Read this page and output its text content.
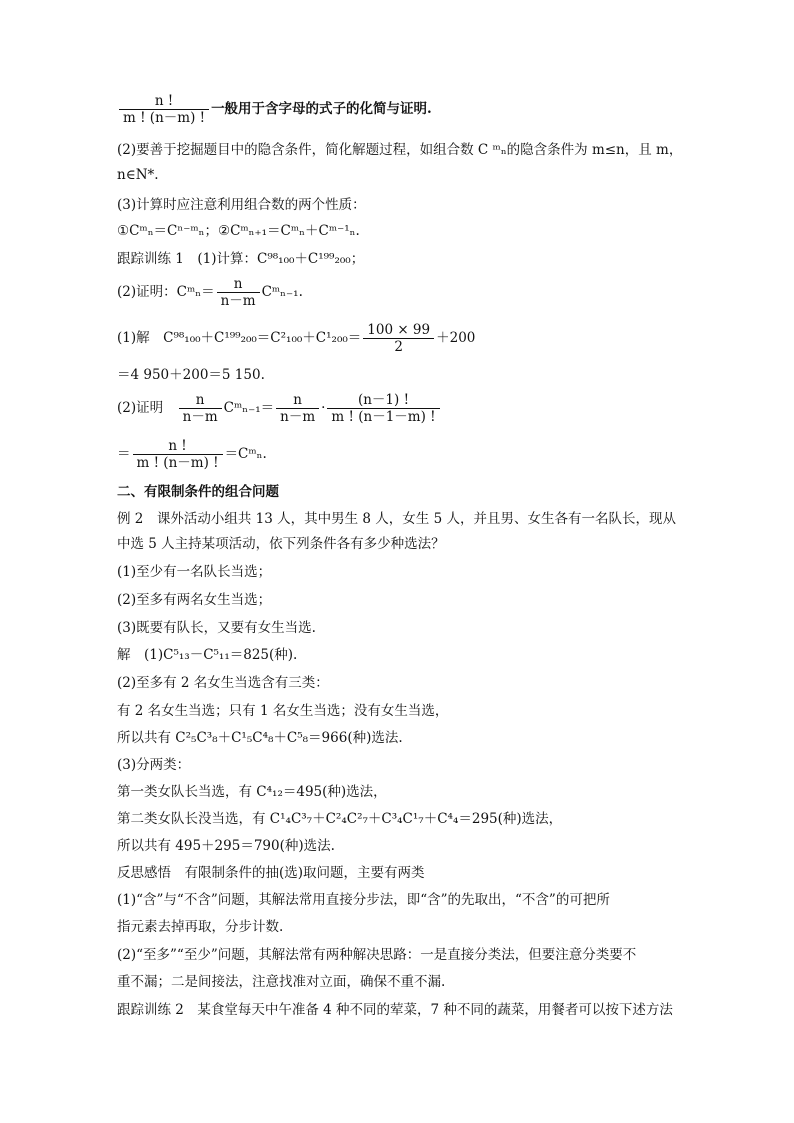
$\frac{n !}{m ! (n-m) !}$ 一般用于含字母的式子的化简与证明.
(2)要善于挖掘题目中的隐含条件，简化解题过程，如组合数 C ᵐₙ的隐含条件为 m≤n，且 m，
n∈N*.
(3)计算时应注意利用组合数的两个性质：
①Cᵐₙ＝Cⁿ⁻ᵐₙ；②Cᵐₙ₊₁＝Cᵐₙ＋Cᵐ⁻¹ₙ.
跟踪训练 1　(1)计算：C⁹⁸₁₀₀＋C¹⁹⁹₂₀₀；
(2)证明：Cᵐₙ＝ $\frac{n}{n-m}$ Cᵐₙ₋₁.
(1)解　$C^{98}_{100}+C^{199}_{200}=C^2_{100}+C^1_{200}= \frac{100 \times 99}{2} +200$
＝4 950＋200＝5 150.
(2)证明　 $\frac{n}{n-m}$ Cᵐₙ₋₁＝ $\frac{n}{n-m} \cdot \frac{(n-1) !}{m ! (n-1-m) !}$
＝ $\frac{n !}{m ! (n-m) !}$ ＝Cᵐₙ.
二、有限制条件的组合问题
例 2　课外活动小组共 13 人，其中男生 8 人，女生 5 人，并且男、女生各有一名队长，现从
中选 5 人主持某项活动，依下列条件各有多少种选法？
(1)至少有一名队长当选；
(2)至多有两名女生当选；
(3)既要有队长，又要有女生当选.
解　(1)C⁵₁₃－C⁵₁₁＝825(种).
(2)至多有 2 名女生当选含有三类：
有 2 名女生当选；只有 1 名女生当选；没有女生当选，
所以共有 C²₅C³₈＋C¹₅C⁴₈＋C⁵₈＝966(种)选法.
(3)分两类：
第一类女队长当选，有 C⁴₁₂＝495(种)选法，
第二类女队长没当选，有 C¹₄C³₇＋C²₄C²₇＋C³₄C¹₇＋C⁴₄＝295(种)选法，
所以共有 495＋295＝790(种)选法.
反思感悟　有限制条件的抽(选)取问题，主要有两类
(1)“含”与“不含”问题，其解法常用直接分步法，即“含”的先取出，“不含”的可把所
指元素去掉再取，分步计数.
(2)“至多”“至少”问题，其解法常有两种解决思路：一是直接分类法，但要注意分类要不
重不漏；二是间接法，注意找准对立面，确保不重不漏.
跟踪训练 2　某食堂每天中午准备 4 种不同的荤菜，7 种不同的蔬菜，用餐者可以按下述方法
